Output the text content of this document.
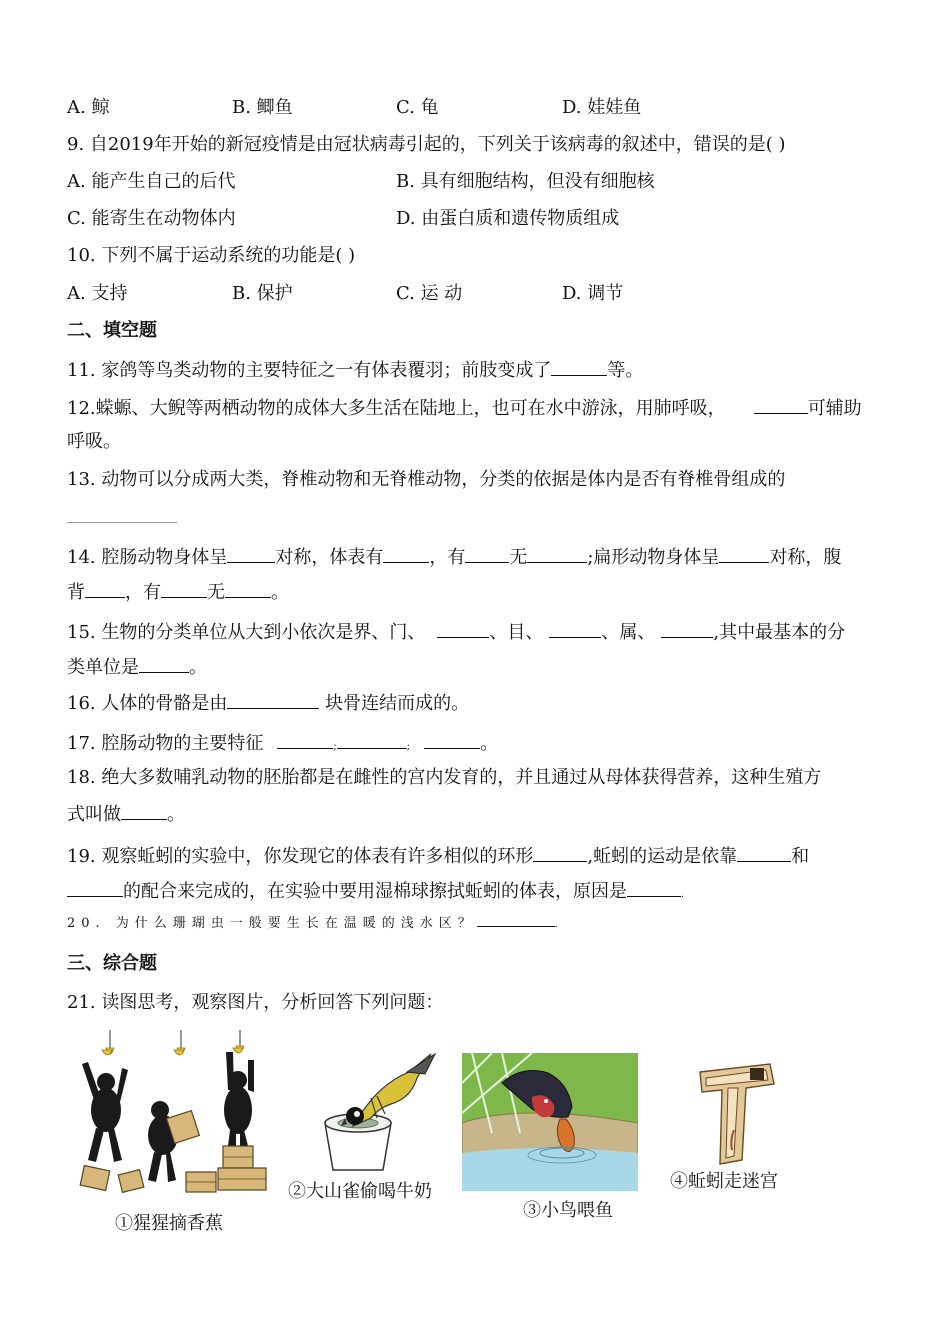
A. 鲸	B. 鲫鱼	C. 龟	D. 娃娃鱼
9. 自2019年开始的新冠疫情是由冠状病毒引起的，下列关于该病毒的叙述中，错误的是( )
A. 能产生自己的后代	B. 具有细胞结构，但没有细胞核
C. 能寄生在动物体内	D. 由蛋白质和遗传物质组成
10. 下列不属于运动系统的功能是( )
A. 支持	B. 保护	C. 运 动	D. 调节
二、填空题
11. 家鸽等鸟类动物的主要特征之一有体表覆羽；前肢变成了	等。
12.蝾螈、大鲵等两栖动物的成体大多生活在陆地上，也可在水中游泳，用肺呼吸，	可辅助
呼吸。
13. 动物可以分成两大类，脊椎动物和无脊椎动物，分类的依据是体内是否有脊椎骨组成的
14. 腔肠动物身体呈	对称，体表有	，有 无	;扁形动物身体呈	对称，腹
背 ，有	无	。
15. 生物的分类单位从大到小依次是界、门、	、目、	、属、	,其中最基本的分
类单位是	。
16. 人体的骨骼是由	块骨连结而成的。
17. 腔肠动物的主要特征	;	;	。
18. 绝大多数哺乳动物的胚胎都是在雌性的宫内发育的，并且通过从母体获得营养，这种生殖方
式叫做	。
19. 观察蚯蚓的实验中，你发现它的体表有许多相似的环形	,蚯蚓的运动是依靠	和
的配合来完成的，在实验中要用湿棉球擦拭蚯蚓的体表，原因是	.
20. 为什么珊瑚虫一般要生长在温暖的浅水区？	.
三、综合题
21. 读图思考，观察图片，分析回答下列问题：
①猩猩摘香蕉
②大山雀偷喝牛奶
③小鸟喂鱼
④蚯蚓走迷宫
